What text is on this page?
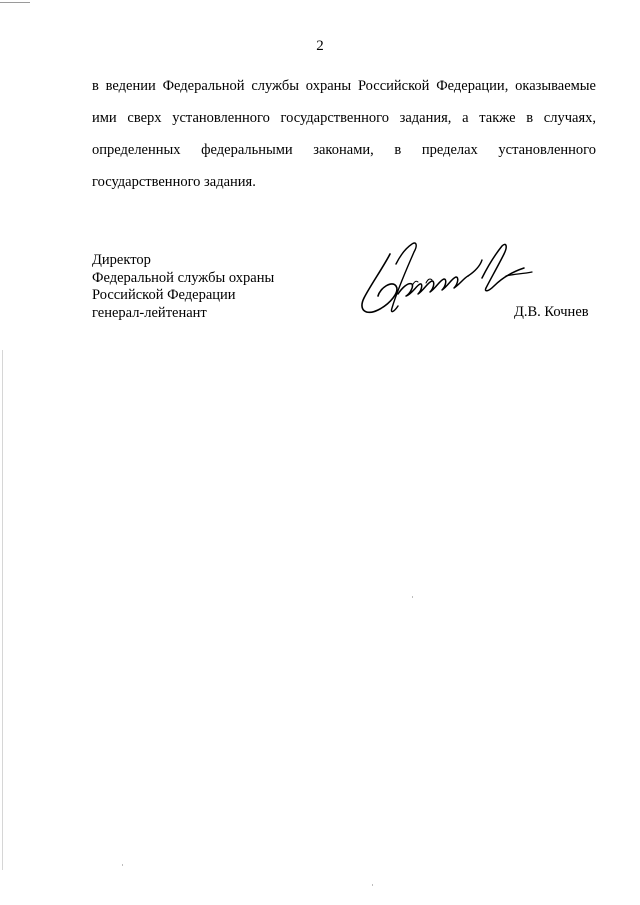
2

в ведении Федеральной службы охраны Российской Федерации, оказываемые
ими сверх установленного государственного задания, а также в случаях,
определенных федеральными законами, в пределах установленного
государственного задания.

Директор
Федеральной службы охраны
Российской Федерации
генерал-лейтенант	Д.В. Кочнев
